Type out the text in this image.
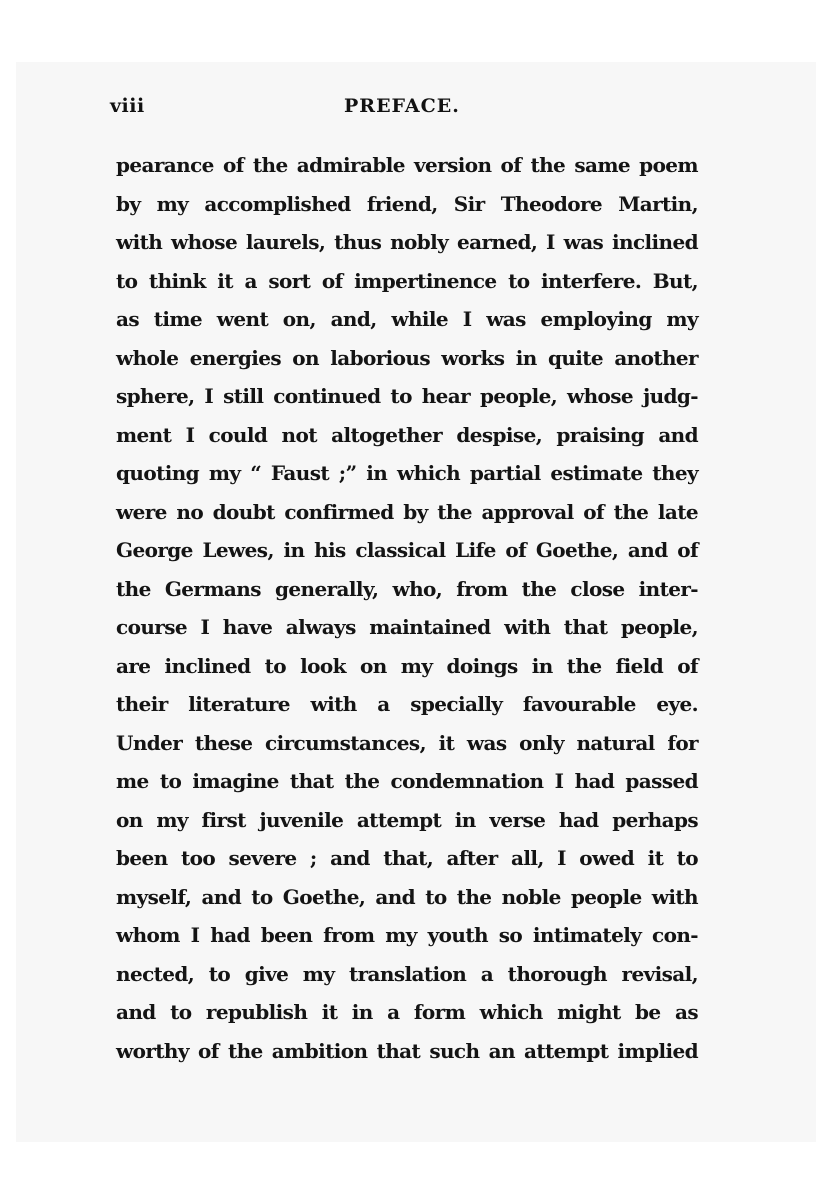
viii	PREFACE.
pearance of the admirable version of the same poem
by my accomplished friend, Sir Theodore Martin,
with whose laurels, thus nobly earned, I was inclined
to think it a sort of impertinence to interfere. But,
as time went on, and, while I was employing my
whole energies on laborious works in quite another
sphere, I still continued to hear people, whose judg-
ment I could not altogether despise, praising and
quoting my “ Faust ;” in which partial estimate they
were no doubt confirmed by the approval of the late
George Lewes, in his classical Life of Goethe, and of
the Germans generally, who, from the close inter-
course I have always maintained with that people,
are inclined to look on my doings in the field of
their literature with a specially favourable eye.
Under these circumstances, it was only natural for
me to imagine that the condemnation I had passed
on my first juvenile attempt in verse had perhaps
been too severe ; and that, after all, I owed it to
myself, and to Goethe, and to the noble people with
whom I had been from my youth so intimately con-
nected, to give my translation a thorough revisal,
and to republish it in a form which might be as
worthy of the ambition that such an attempt implied
